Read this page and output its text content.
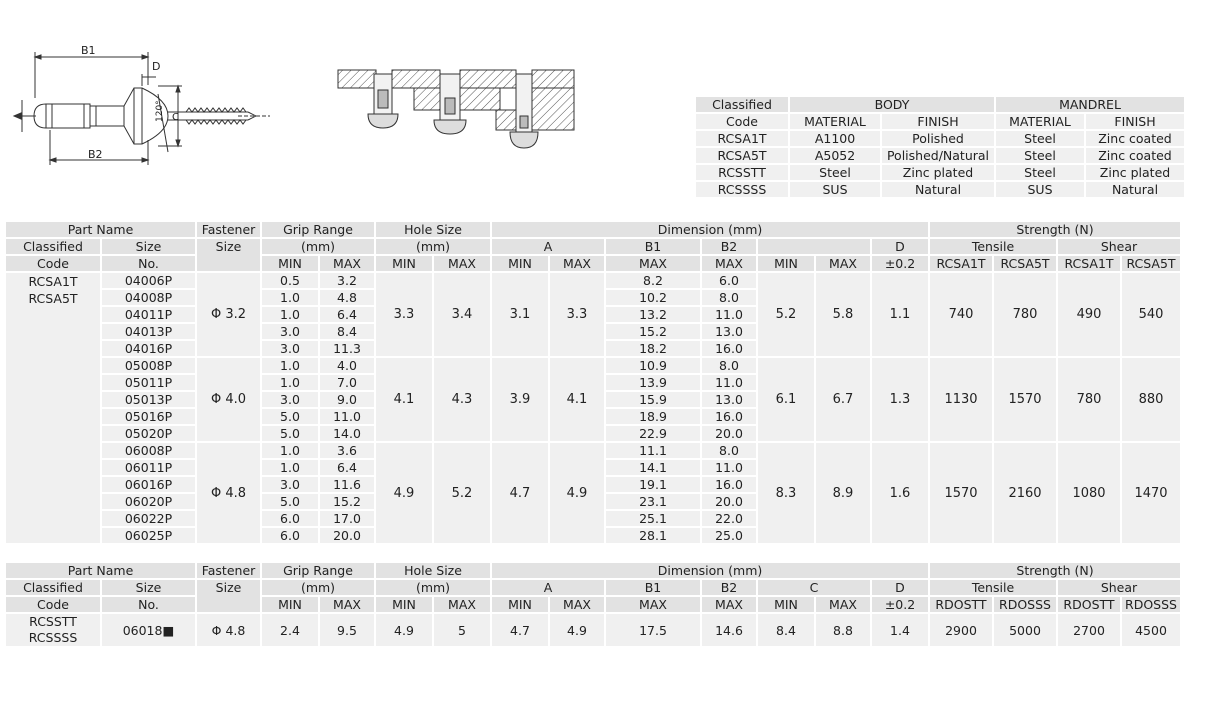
B1
B2
D
C
120°	Classified	BODY		MANDREL	
Code	MATERIAL	FINISH	MATERIAL	FINISH
RCSA1T	A1100	Polished	Steel	Zinc coated
RCSA5T	A5052	Polished/Natural	Steel	Zinc coated
RCSSTT	Steel	Zinc plated	Steel	Zinc plated
RCSSSS	SUS	Natural	SUS	Natural
Part Name		Fastener	Grip Range		Hole Size		Dimension (mm)							Strength (N)			
Classified	Size	Size	(mm)		(mm)		A		B1	B2			D	Tensile		Shear	
Code	No.		MIN	MAX	MIN	MAX	MIN	MAX	MAX	MAX	MIN	MAX	±0.2	RCSA1T	RCSA5T	RCSA1T	RCSA5T

RCSA1T
RCSA5T	04006P	Φ 3.2	0.5	3.2	3.3	3.4	3.1	3.3	8.2	6.0	5.2	5.8	1.1	740	780	490	540
	04008P		1.0	4.8					10.2	8.0							
	04011P		1.0	6.4					13.2	11.0							
	04013P		3.0	8.4					15.2	13.0							
	04016P		3.0	11.3					18.2	16.0							
	05008P	Φ 4.0	1.0	4.0	4.1	4.3	3.9	4.1	10.9	8.0	6.1	6.7	1.3	1130	1570	780	880
	05011P		1.0	7.0					13.9	11.0							
	05013P		3.0	9.0					15.9	13.0							
	05016P		5.0	11.0					18.9	16.0							
	05020P		5.0	14.0					22.9	20.0							
	06008P	Φ 4.8	1.0	3.6	4.9	5.2	4.7	4.9	11.1	8.0	8.3	8.9	1.6	1570	2160	1080	1470
	06011P		1.0	6.4					14.1	11.0							
	06016P		3.0	11.6					19.1	16.0							
	06020P		5.0	15.2					23.1	20.0							
	06022P		6.0	17.0					25.1	22.0							
	06025P		6.0	20.0					28.1	25.0							
Part Name		Fastener	Grip Range		Hole Size		Dimension (mm)							Strength (N)			
Classified	Size	Size	(mm)		(mm)		A		B1	B2	C		D	Tensile		Shear	
Code	No.		MIN	MAX	MIN	MAX	MIN	MAX	MAX	MAX	MIN	MAX	±0.2	RDOSTT	RDOSSS	RDOSTT	RDOSSS

RCSSTT
RCSSSS	06018■	Φ 4.8	2.4	9.5	4.9	5	4.7	4.9	17.5	14.6	8.4	8.8	1.4	2900	5000	2700	4500
